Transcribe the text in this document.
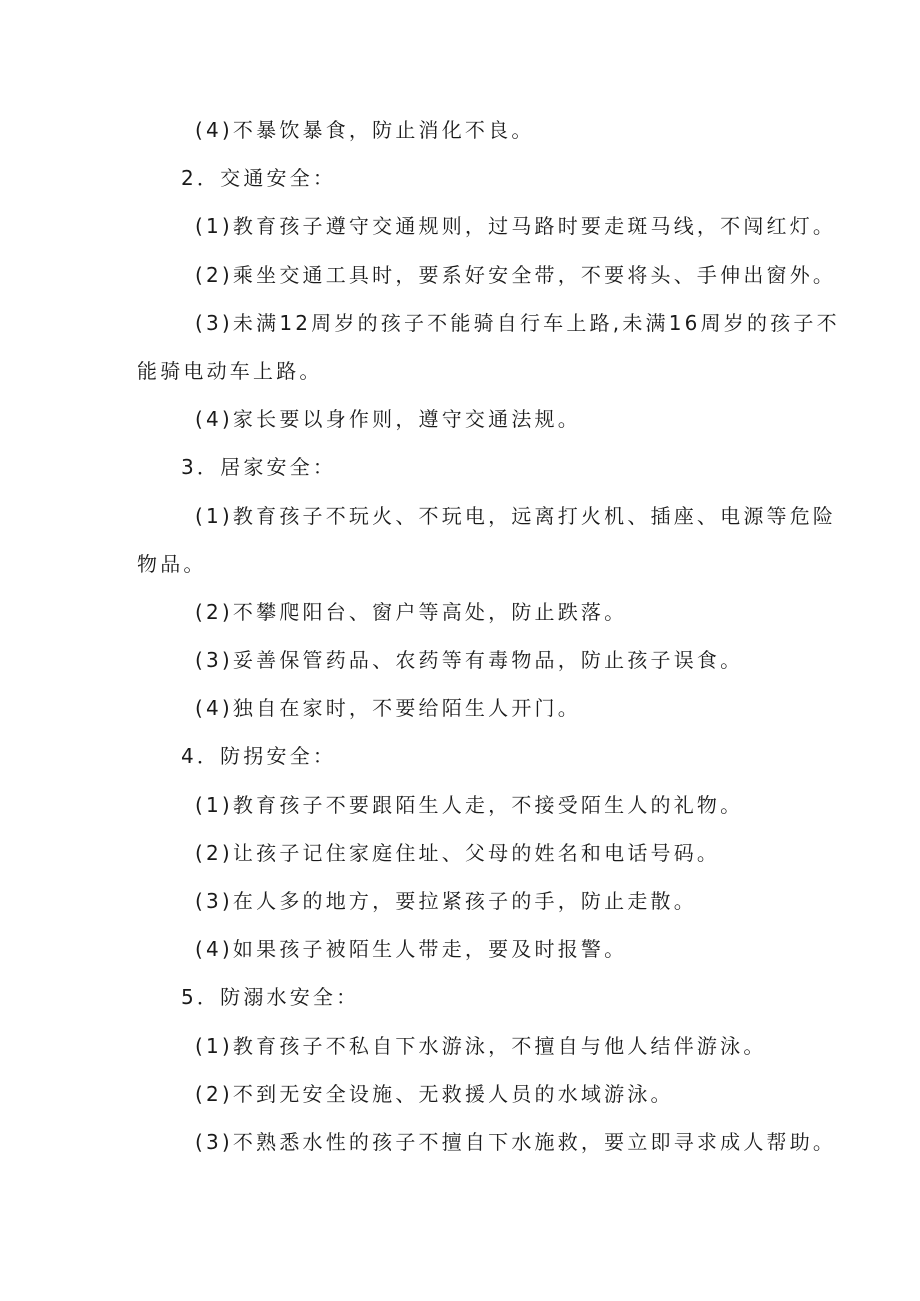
(4)不暴饮暴食，防止消化不良。
2．交通安全：
(1)教育孩子遵守交通规则，过马路时要走斑马线，不闯红灯。
(2)乘坐交通工具时，要系好安全带，不要将头、手伸出窗外。
(3)未满12周岁的孩子不能骑自行车上路,未满16周岁的孩子不
能骑电动车上路。
(4)家长要以身作则，遵守交通法规。
3．居家安全：
(1)教育孩子不玩火、不玩电，远离打火机、插座、电源等危险
物品。
(2)不攀爬阳台、窗户等高处，防止跌落。
(3)妥善保管药品、农药等有毒物品，防止孩子误食。
(4)独自在家时，不要给陌生人开门。
4．防拐安全：
(1)教育孩子不要跟陌生人走，不接受陌生人的礼物。
(2)让孩子记住家庭住址、父母的姓名和电话号码。
(3)在人多的地方，要拉紧孩子的手，防止走散。
(4)如果孩子被陌生人带走，要及时报警。
5．防溺水安全：
(1)教育孩子不私自下水游泳，不擅自与他人结伴游泳。
(2)不到无安全设施、无救援人员的水域游泳。
(3)不熟悉水性的孩子不擅自下水施救，要立即寻求成人帮助。
